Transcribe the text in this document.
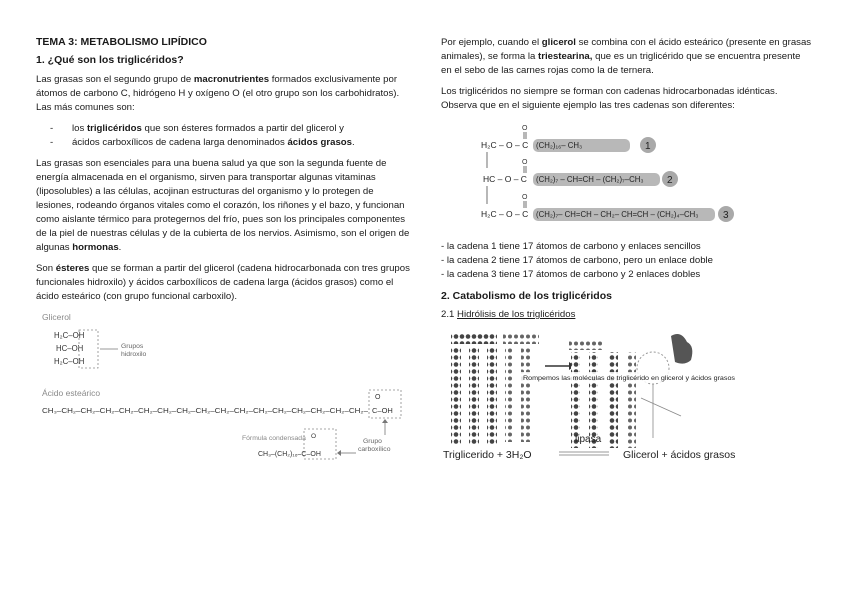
TEMA 3: METABOLISMO LIPÍDICO
1. ¿Qué son los triglicéridos?

Las grasas son el segundo grupo de macronutrientes formados exclusivamente por átomos de carbono C, hidrógeno H y oxígeno O (el otro grupo son los carbohidratos). Las más comunes son:

- los triglicéridos que son ésteres formados a partir del glicerol y
- ácidos carboxílicos de cadena larga denominados ácidos grasos.

Las grasas son esenciales para una buena salud ya que son la segunda fuente de energía almacenada en el organismo, sirven para transportar algunas vitaminas (liposolubles) a las células, acojinan estructuras del organismo y lo protegen de lesiones, rodeando órganos vitales como el corazón, los riñones y el bazo, y funcionan como aislante térmico para protegernos del frío, pues son los principales componentes de la piel de nuestras células y de la cubierta de los nervios. Asimismo, son el origen de algunas hormonas.

Son ésteres que se forman a partir del glicerol (cadena hidrocarbonada con tres grupos funcionales hidroxilo) y ácidos carboxílicos de cadena larga (ácidos grasos) como el ácido esteárico (con grupo funcional carboxilo).

Glicerol
H₂C–OH
HC–OH
H₂C–OH
Grupos
hidroxilo
Ácido esteárico
CH₃–CH₂–CH₂–CH₂–CH₂–CH₂–CH₂–CH₂–CH₂–CH₂–CH₂–CH₂–CH₂–CH₂–CH₂–CH₂–CH₂–
O
C–OH
Grupo
carboxílico
Fórmula condensada O
CH₃–(CH₂)₁₆–C–OH

Por ejemplo, cuando el glicerol se combina con el ácido esteárico (presente en grasas animales), se forma la triestearina, que es un triglicérido que se encuentra presente en el sebo de las carnes rojas como la de ternera.

Los triglicéridos no siempre se forman con cadenas hidrocarbonadas idénticas. Observa que en el siguiente ejemplo las tres cadenas son diferentes:

O
H₂C – O – C (CH₂)₁₆– CH₃	1
O
HC – O – C (CH₂)₇ – CH=CH – (CH₂)₇–CH₃ 2
O
H₂C – O – C (CH₂)₇– CH=CH – CH₂– CH=CH – (CH₂)₄–CH₃ 3

- la cadena 1 tiene 17 átomos de carbono y enlaces sencillos

- la cadena 2 tiene 17 átomos de carbono, pero un enlace doble

- la cadena 3 tiene 17 átomos de carbono y 2 enlaces dobles

2. Catabolismo de los triglicéridos
2.1 Hidrólisis de los triglicéridos
Rompemos las moléculas de triglicérido en glicerol y ácidos grasos
lipasa
Triglicerido + 3H₂O	Glicerol + ácidos grasos
